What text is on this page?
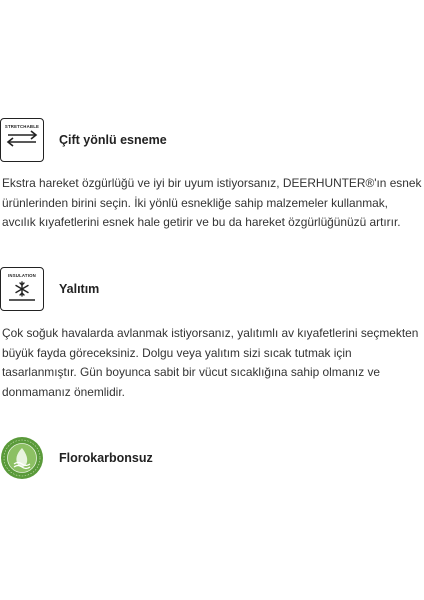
STRETCHABLE
Çift yönlü esneme

Ekstra hareket özgürlüğü ve iyi bir uyum istiyorsanız, DEERHUNTER®'ın esnek ürünlerinden birini seçin. İki yönlü esnekliğe sahip malzemeler kullanmak, avcılık kıyafetlerini esnek hale getirir ve bu da hareket özgürlüğünüzü artırır.

INSULATION
Yalıtım

Çok soğuk havalarda avlanmak istiyorsanız, yalıtımlı av kıyafetlerini seçmekten büyük fayda göreceksiniz. Dolgu veya yalıtım sizi sıcak tutmak için tasarlanmıştır. Gün boyunca sabit bir vücut sıcaklığına sahip olmanız ve donmamanız önemlidir.

Florokarbonsuz
